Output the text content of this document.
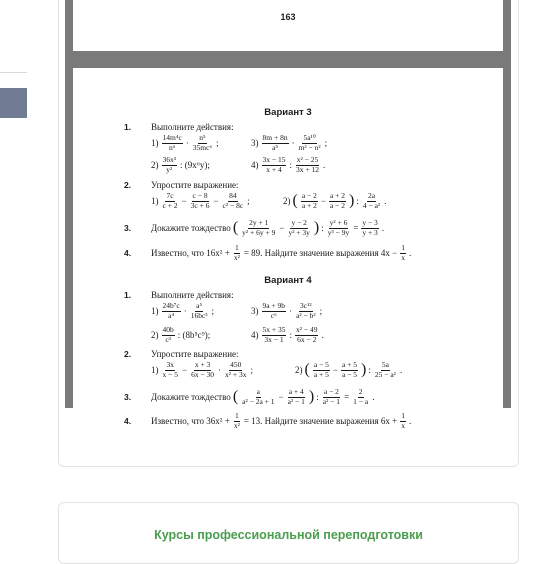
163
Вариант 3
1. Выполните действия:
$1) \frac{\text{14m⁴c}}{\text{n⁶}} \cdot \frac{\text{n⁵}}{\text{35mc⁶}}$ ;	$3) \frac{8m + 8n}{\text{a⁵}} \cdot \frac{\text{5a¹⁰}}{\text{m² − n²}}$ ;
$2) \frac{\text{36x³}}{\text{y²}}$ : (9x⁶y);	$4) \frac{3x - 15}{x + 4}$ : $\frac{\text{x² − 25}}{3x + 12}$ .
2. Упростите выражение:
$1) \frac{7c}{c + 2} - \frac{c - 8}{3c + 6} - \frac{84}{\text{c² − 8c}}$ ;	2) ( $\frac{a - 2}{a + 2} - \frac{a + 2}{a - 2}$ ) : $\frac{2a}{\text{4 − a²}}$ .
3. Докажите тождество ( $\frac{2y + 1}{\text{y² + 6y + 9}} - \frac{y - 2}{\text{y² + 3y}}$ ) : $\frac{\text{y² + 6}}{\text{y³ − 9y}} = \frac{y - 3}{y + 3}$ .
4. Известно, что $16x^2 + \frac{1}{\text{x²}} = 89$. Найдите значение выражения $4x - \frac{1}{x}$ .
Вариант 4
1. Выполните действия:
$1) \frac{\text{24b⁷c}}{\text{a⁴}} \cdot \frac{\text{a⁵}}{\text{16bc³}}$ ;	$3) \frac{9a + 9b}{\text{c⁶}} \cdot \frac{\text{3c¹²}}{\text{a² − b²}}$ ;
$2) \frac{40b}{\text{c³}}$ : (8b⁵c⁹);	$4) \frac{5x + 35}{3x - 1}$ : $\frac{\text{x² − 49}}{6x - 2}$ .
2. Упростите выражение:
$1) \frac{3x}{x - 5} - \frac{x + 3}{6x - 30} \cdot \frac{450}{\text{x² + 3x}}$ ;	2) ( $\frac{a - 5}{a + 5} - \frac{a + 5}{a - 5}$ ) : $\frac{5a}{\text{25 − a²}}$ .
3. Докажите тождество ( $\frac{a}{\text{a² − 2a + 1}} - \frac{a + 4}{\text{a² − 1}}$ ) : $\frac{a - 2}{\text{a² − 1}} = \frac{2}{1 - a}$ .
4. Известно, что $36x^2 + \frac{1}{\text{x²}} = 13$. Найдите значение выражения $6x + \frac{1}{x}$ .
Курсы профессиональной переподготовки
